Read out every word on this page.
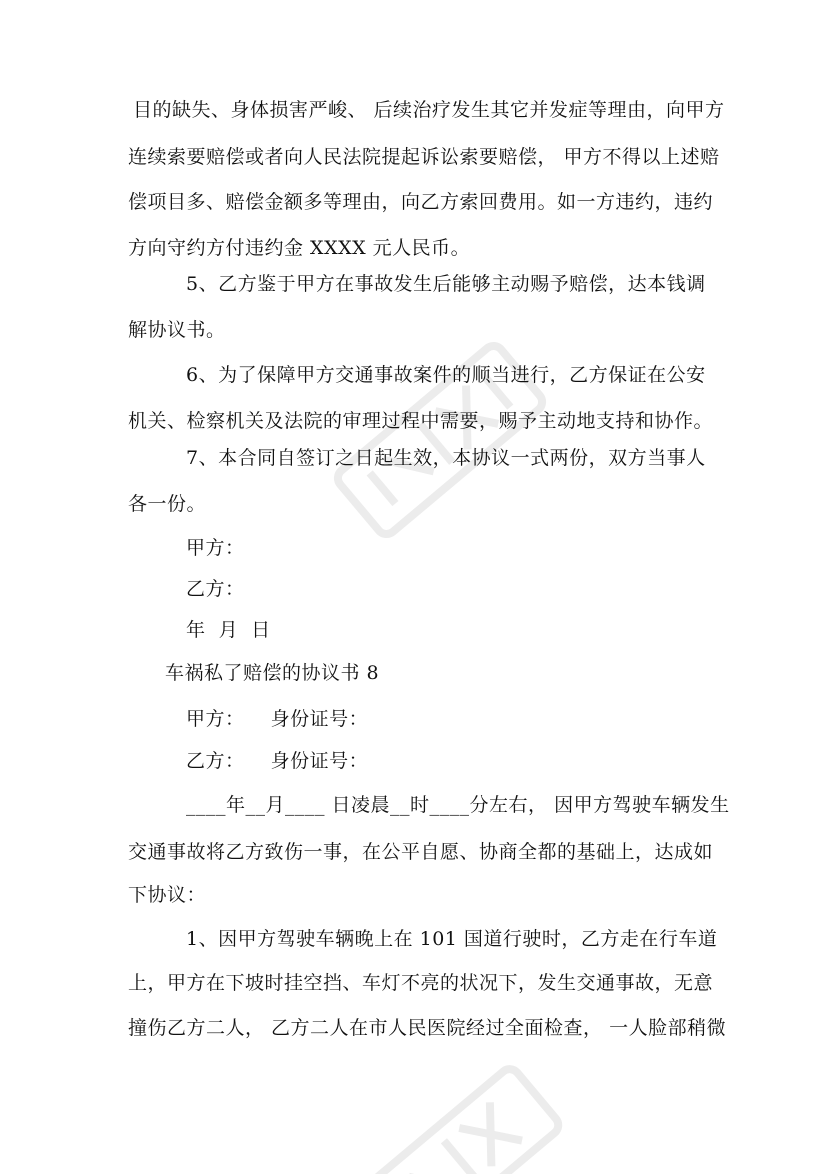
目的缺失、身体损害严峻、 后续治疗发生其它并发症等理由，向甲方
连续索要赔偿或者向人民法院提起诉讼索要赔偿， 甲方不得以上述赔
偿项目多、赔偿金额多等理由，向乙方索回费用。如一方违约，违约
方向守约方付违约金 XXXX 元人民币。
5、乙方鉴于甲方在事故发生后能够主动赐予赔偿，达本钱调
解协议书。
6、为了保障甲方交通事故案件的顺当进行，乙方保证在公安
机关、检察机关及法院的审理过程中需要，赐予主动地支持和协作。
7、本合同自签订之日起生效，本协议一式两份，双方当事人
各一份。
甲方：
乙方：
年  月  日
车祸私了赔偿的协议书 8
甲方：    身份证号：
乙方：    身份证号：
____年__月____ 日凌晨__时____分左右， 因甲方驾驶车辆发生
交通事故将乙方致伤一事，在公平自愿、协商全都的基础上，达成如
下协议：
1、因甲方驾驶车辆晚上在 101 国道行驶时，乙方走在行车道
上，甲方在下坡时挂空挡、车灯不亮的状况下，发生交通事故，无意
撞伤乙方二人， 乙方二人在市人民医院经过全面检查， 一人脸部稍微
